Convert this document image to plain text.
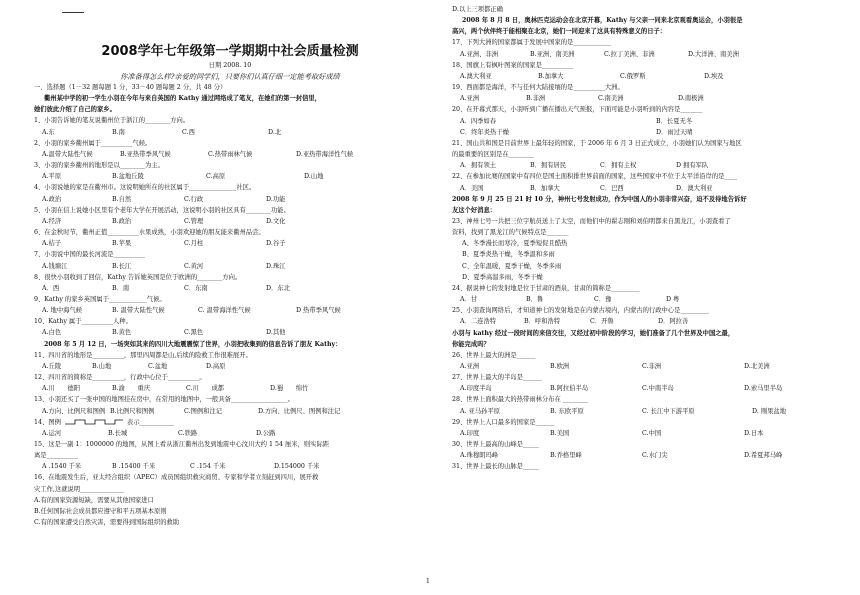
2008学年七年级第一学期期中社会质量检测
日期 2008. 10
你准备得怎么样?亲爱的同学们，只要你们认真仔细一定能考取好成绩
一、选择题（1－32 题每题 1 分，33－40 题每题 2 分，共 48 分）
衢州某中学的初一学生小羽在今年与来自英国的 Kathy 通过网络成了笔友，在她们的第一封信里，
她们彼此介绍了自己的家乡。
1、小羽告诉她的笔友说衢州位于浙江的________方向。
A.东	B.南	C.西	D.北
2、小羽的家乡衢州属于__________气候。
A.温带大陆性气候	B.亚热带季风气候	C.热带雨林气候	D.亚热带海洋性气候
3、小羽的家乡衢州的地形是以________为主。
A.平原	B.盆地丘陵	C.高原	D.山地
4、小羽说她的家是在衢州市。这说明她所在的社区属于_______________社区。
A.政治	B.自然	C.行政	D.功能
5、小羽在信上说她小区里有个老年大学在开展活动，这说明小羽的社区具有________功能。
A.经济	B.政治	C.管理	D.文化
6、在金秋时节，衢州正值__________水果成熟，小羽欢迎她的朋友能来衢州品尝。
A.桔子	B.苹果	C.月柱	D.谷子
7、小羽说中国的最长河流是__________
A.钱塘江	B.长江	C.黄河	D.珠江
8、很快小羽收到了回信，Kathy 告诉她英国是位于欧洲的________方向。
A．西	B．南	C．东南	D．东北
9、Kathy 的家乡英国属于____________气候。
A. 地中海气候	B. 温带大陆性气候	C. 温带海洋性气候	D 热带季风气候
10、Kathy 属于__________人种。
A.白色	B.黄色	C.黑色	D.其他
2008 年 5 月 12 日，一场突如其来的四川大地震震惊了世界，小羽把收集到的信息告诉了朋友 Kathy：
11、四川省的地形是__________，那里四周都是山,后续的险救工作很难展开。
A.丘陵	B.山地	C.盆地	D.高原
12、四川省的简称是__________，行政中心位于__________。
A.川　　德阳	B.渝　　重庆	C.川　　成都	D.蜀　　绵竹
13、小羽还买了一张中国的地图挂在房中，在常用的地图中，一般具备__________________。
A.方向、比例尺和图例 B.比例尺和图例	C.图例和注记	D.方向、比例尺、图例和注记
14、图例	表示___________
A.运河	B.长城	C.铁路	D.公路
15、这是一副 1：1000000 的地图，从图上看从浙江衢州出发到地震中心汶川大约 1 54 厘米，则实际距
离是__________
A .1540 千米	B .15400 千米	C .154 千米	D.154000 千米
16、在地震发生后，亚太经合组织（APEC）成员国组织救灾商贸、专家和学者立刻赶到四川，展开救
灾工作,这就说明______________
A.有的国家资源短缺，需要从其他国家进口
B.任何国际社会成员都应遵守和平五项基本原则
C.有的国家遭受自然灾害，需要得到国际组织的救助
D.以上三项都正确
2008 年 8 月 8 日，奥林匹克运动会在北京开幕，Kathy 与父亲一同来北京观看奥运会，小羽很是
高兴，两个伙伴终于能相聚在北京，她们一同迎来了这具有特殊意义的日子：
17、下列大洲的国家都属于发展中国家的是____________
A.亚洲、非洲	B.亚洲、南美洲	C.拉丁美洲、非洲	D.大洋洲、南美洲
18、国旗上有枫叶图案的国家是__________
A.澳大利亚	B.加拿大	C.俄罗斯	D.埃及
19、西面都是海洋，不与任何大陆接壤的是__________大洲。
A.亚洲	B.非洲	C.南美洲	D.南极洲
20、在开幕式那天，小羽听到广播在播出天气预报，下面可能是小羽听到的内容是_______
A．四季如春	B．长夏无冬
C．终年炎热干燥	D．雨过天晴
21、国山共和国是目前世界上最年轻的国家，于 2006 年 6 月 3 日正式成立，小羽她们认为国家与地区
的最重要的区别是在________
A．拥有领土	B．拥有居民	C．拥有主权	D 拥有军队
22、在参加比赛的国家中有四位是国土面积排世界前面的国家，这些国家中不位于太平洋沿岸的是____
A．美国	B．加拿大	C．巴西	D．澳大利亚
2008 年 9 月 25 日 21 时 10 分，神州七号发射成功，作为中国人的小羽非常兴奋，迫不及待地告诉好
友这个好消息：
23、神州七号一共把三位宇航员送上了太空，而他们中的翟志刚和刘伯明都来自黑龙江，小羽查看了
资料，找到了黑龙江的气候特点是_______
A、冬季漫长而寒冷，夏季短促且酷热
B、夏季炎热干燥，冬季温和多雨
C、全年温暖，夏季干燥，冬季多雨
D、夏季高温多雨，冬季干燥
24、据说神七的发射地是位于甘肃的酒泉，甘肃的简称是_________
A．甘	B．鲁	C．豫	D 粤
25、小羽查询网络后，才知道神七的发射地是在内蒙古境内，内蒙古的行政中心是_________
A．二连浩特	B．呼和浩特	C．开鲁	D．阿拉善
小羽与 kathy 经过一段时间的来信交往，又经过初中阶段的学习，她们准备了几个世界及中国之最，
你能完成吗？
26、世界上最大的洲是______
A.亚洲	B.欧洲	C.非洲	D.北美洲
27、世界上最大的半岛是______
A.印度半岛	B.阿拉伯半岛	C.中南半岛	D.索马里半岛
28、世界上面积最大的热带雨林分布在 ________
A. 亚马孙平原	B. 东欧平原	C. 长江中下游平原	D. 刚果盆地
29、世界上人口最多的国家是______
A.印度	B.美国	C.中国	D.日本
30、世界上最高的山峰是_____
A.珠穆朗玛峰	B.乔格里峰	C.水门尖	D.希夏邦马峰
31、世界上最长的山脉是_____
1
